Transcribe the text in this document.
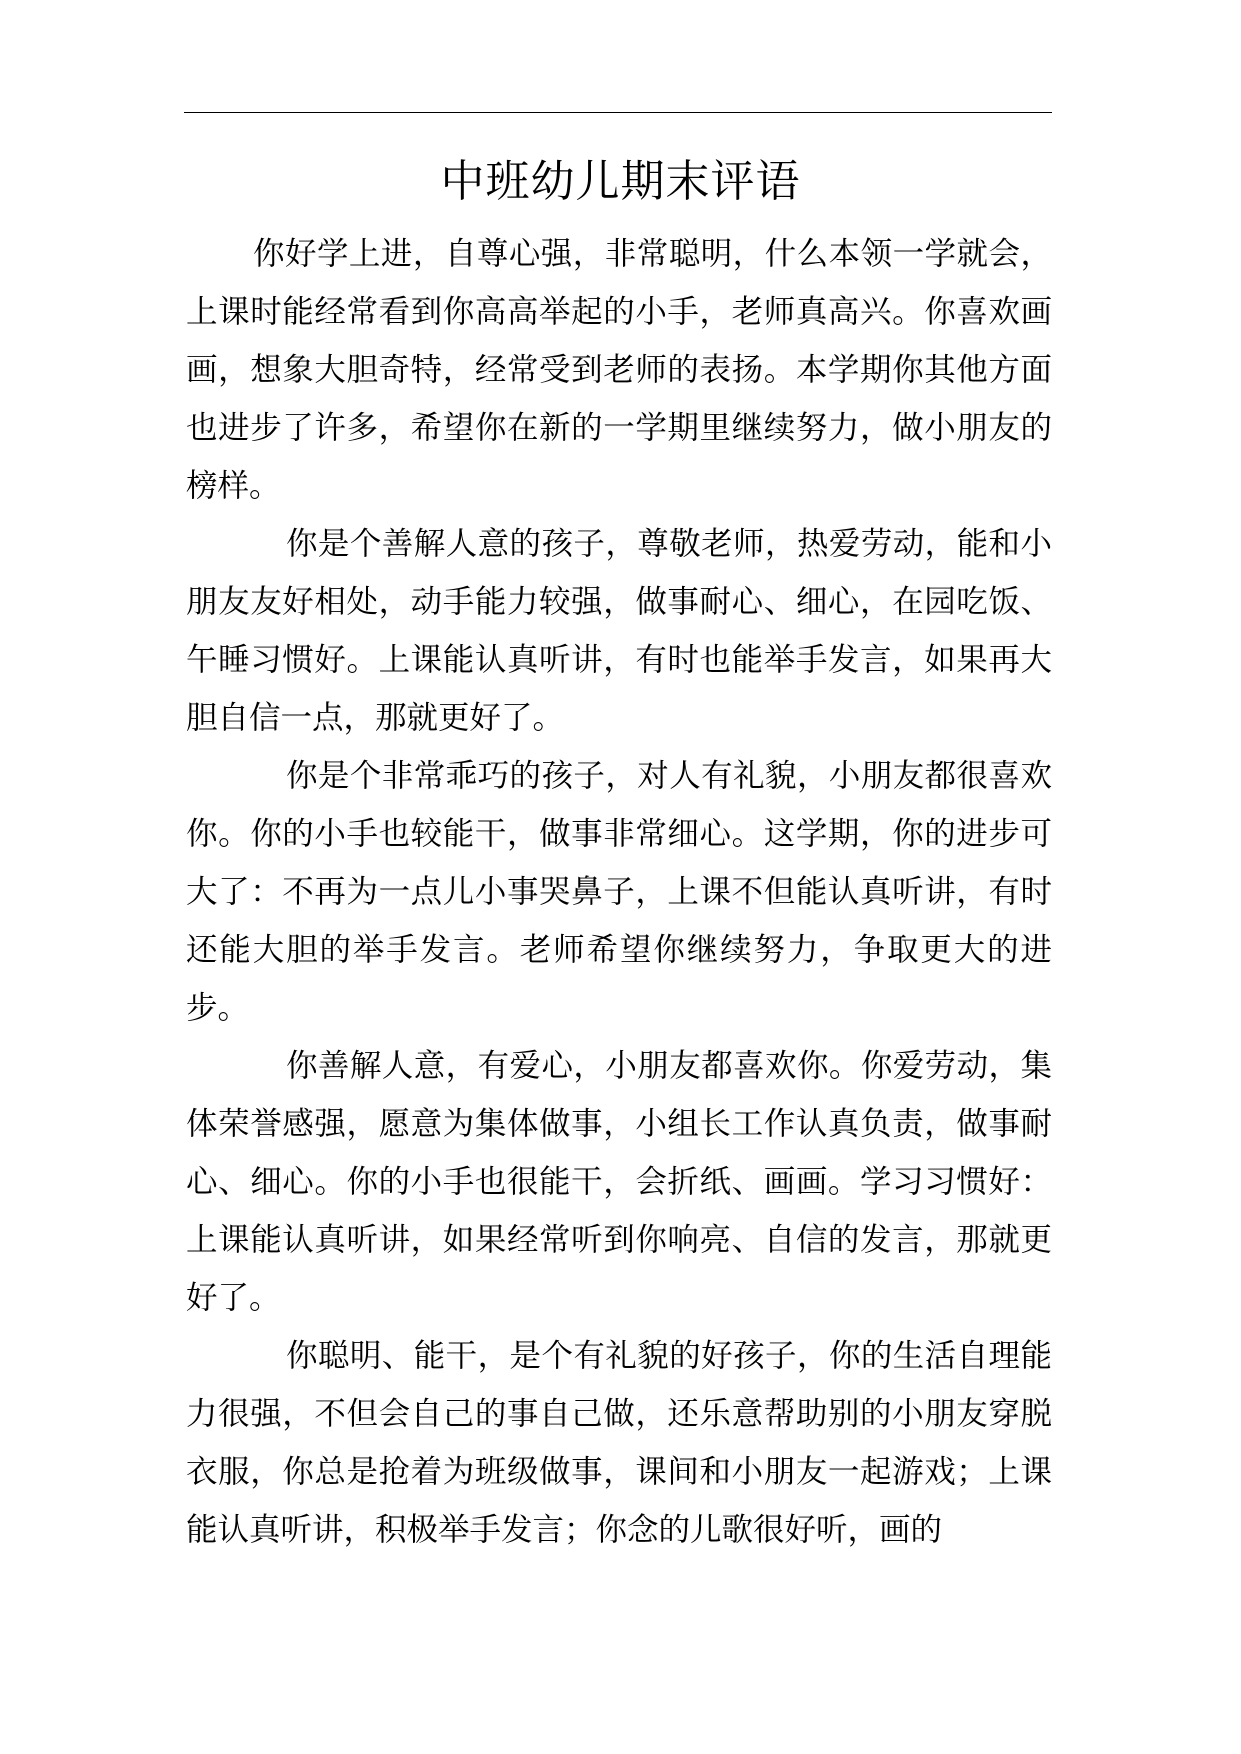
中班幼儿期末评语

你好学上进，自尊心强，非常聪明，什么本领一学就会，上课时能经常看到你高高举起的小手，老师真高兴。你喜欢画画，想象大胆奇特，经常受到老师的表扬。本学期你其他方面也进步了许多，希望你在新的一学期里继续努力，做小朋友的榜样。

你是个善解人意的孩子，尊敬老师，热爱劳动，能和小朋友友好相处，动手能力较强，做事耐心、细心，在园吃饭、午睡习惯好。上课能认真听讲，有时也能举手发言，如果再大胆自信一点，那就更好了。

你是个非常乖巧的孩子，对人有礼貌，小朋友都很喜欢你。你的小手也较能干，做事非常细心。这学期，你的进步可大了：不再为一点儿小事哭鼻子，上课不但能认真听讲，有时还能大胆的举手发言。老师希望你继续努力，争取更大的进步。

你善解人意，有爱心，小朋友都喜欢你。你爱劳动，集体荣誉感强，愿意为集体做事，小组长工作认真负责，做事耐心、细心。你的小手也很能干，会折纸、画画。学习习惯好：上课能认真听讲，如果经常听到你响亮、自信的发言，那就更好了。

你聪明、能干，是个有礼貌的好孩子，你的生活自理能力很强，不但会自己的事自己做，还乐意帮助别的小朋友穿脱衣服，你总是抢着为班级做事，课间和小朋友一起游戏；上课能认真听讲，积极举手发言；你念的儿歌很好听，画的
